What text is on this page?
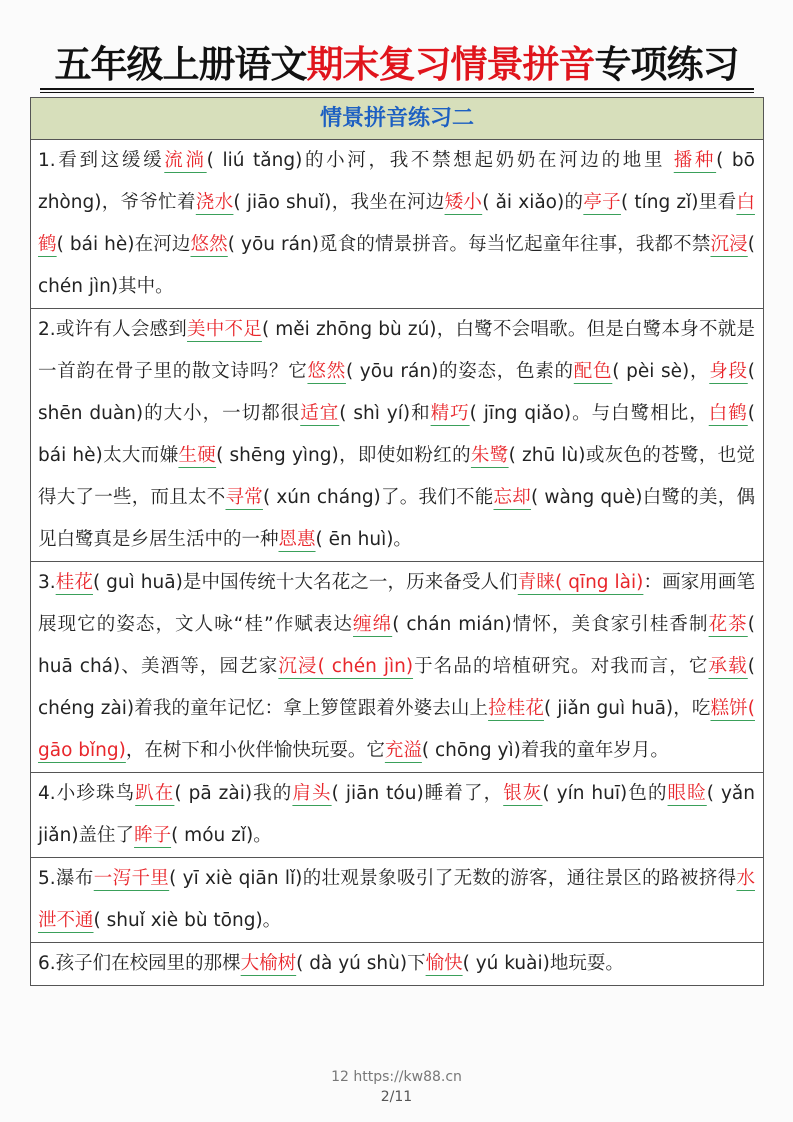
五年级上册语文期末复习情景拼音专项练习
情景拼音练习二
1.看到这缓缓流淌( liú tǎng)的小河，我不禁想起奶奶在河边的地里 播种( bō zhòng)，爷爷忙着浇水( jiāo shuǐ)，我坐在河边矮小( ǎi xiǎo)的亭子( tíng zǐ)里看白鹤( bái hè)在河边悠然( yōu rán)觅食的情景拼音。每当忆起童年往事，我都不禁沉浸( chén jìn)其中。
2.或许有人会感到美中不足( měi zhōng bù zú)，白鹭不会唱歌。但是白鹭本身不就是一首韵在骨子里的散文诗吗？它悠然( yōu rán)的姿态，色素的配色( pèi sè)，身段( shēn duàn)的大小，一切都很适宜( shì yí)和精巧( jīng qiǎo)。与白鹭相比，白鹤( bái hè)太大而嫌生硬( shēng yìng)，即使如粉红的朱鹭( zhū lù)或灰色的苍鹭，也觉得大了一些，而且太不寻常( xún cháng)了。我们不能忘却( wàng què)白鹭的美，偶见白鹭真是乡居生活中的一种恩惠( ēn huì)。
3.桂花( guì huā)是中国传统十大名花之一，历来备受人们青睐( qīng lài)：画家用画笔展现它的姿态，文人咏“桂”作赋表达缠绵( chán mián)情怀，美食家引桂香制花茶( huā chá)、美酒等，园艺家沉浸( chén jìn)于名品的培植研究。对我而言，它承载( chéng zài)着我的童年记忆：拿上箩筐跟着外婆去山上捡桂花( jiǎn guì huā)，吃糕饼( gāo bǐng)，在树下和小伙伴愉快玩耍。它充溢( chōng yì)着我的童年岁月。
4.小珍珠鸟趴在( pā zài)我的肩头( jiān tóu)睡着了，银灰( yín huī)色的眼睑( yǎn jiǎn)盖住了眸子( móu zǐ)。
5.瀑布一泻千里( yī xiè qiān lǐ)的壮观景象吸引了无数的游客，通往景区的路被挤得水泄不通( shuǐ xiè bù tōng)。
6.孩子们在校园里的那棵大榆树( dà yú shù)下愉快( yú kuài)地玩耍。
12 https://kw88.cn
2/11
